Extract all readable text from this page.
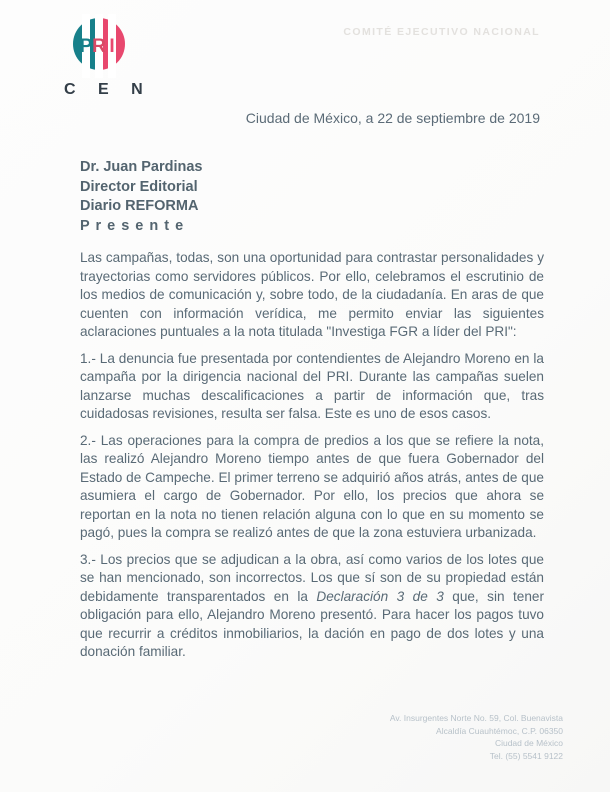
P R I
C E N
COMITÉ EJECUTIVO NACIONAL
Ciudad de México, a 22 de septiembre de 2019
Dr. Juan Pardinas
Director Editorial
Diario REFORMA
P r e s e n t e

Las campañas, todas, son una oportunidad para contrastar personalidades y trayectorias como servidores públicos. Por ello, celebramos el escrutinio de los medios de comunicación y, sobre todo, de la ciudadanía. En aras de que cuenten con información verídica, me permito enviar las siguientes aclaraciones puntuales a la nota titulada "Investiga FGR a líder del PRI":

1.- La denuncia fue presentada por contendientes de Alejandro Moreno en la campaña por la dirigencia nacional del PRI. Durante las campañas suelen lanzarse muchas descalificaciones a partir de información que, tras cuidadosas revisiones, resulta ser falsa. Este es uno de esos casos.

2.- Las operaciones para la compra de predios a los que se refiere la nota, las realizó Alejandro Moreno tiempo antes de que fuera Gobernador del Estado de Campeche. El primer terreno se adquirió años atrás, antes de que asumiera el cargo de Gobernador. Por ello, los precios que ahora se reportan en la nota no tienen relación alguna con lo que en su momento se pagó, pues la compra se realizó antes de que la zona estuviera urbanizada.

3.- Los precios que se adjudican a la obra, así como varios de los lotes que se han mencionado, son incorrectos. Los que sí son de su propiedad están debidamente transparentados en la Declaración 3 de 3 que, sin tener obligación para ello, Alejandro Moreno presentó. Para hacer los pagos tuvo que recurrir a créditos inmobiliarios, la dación en pago de dos lotes y una donación familiar.

Av. Insurgentes Norte No. 59, Col. Buenavista
Alcaldía Cuauhtémoc, C.P. 06350
Ciudad de México
Tel. (55) 5541 9122
